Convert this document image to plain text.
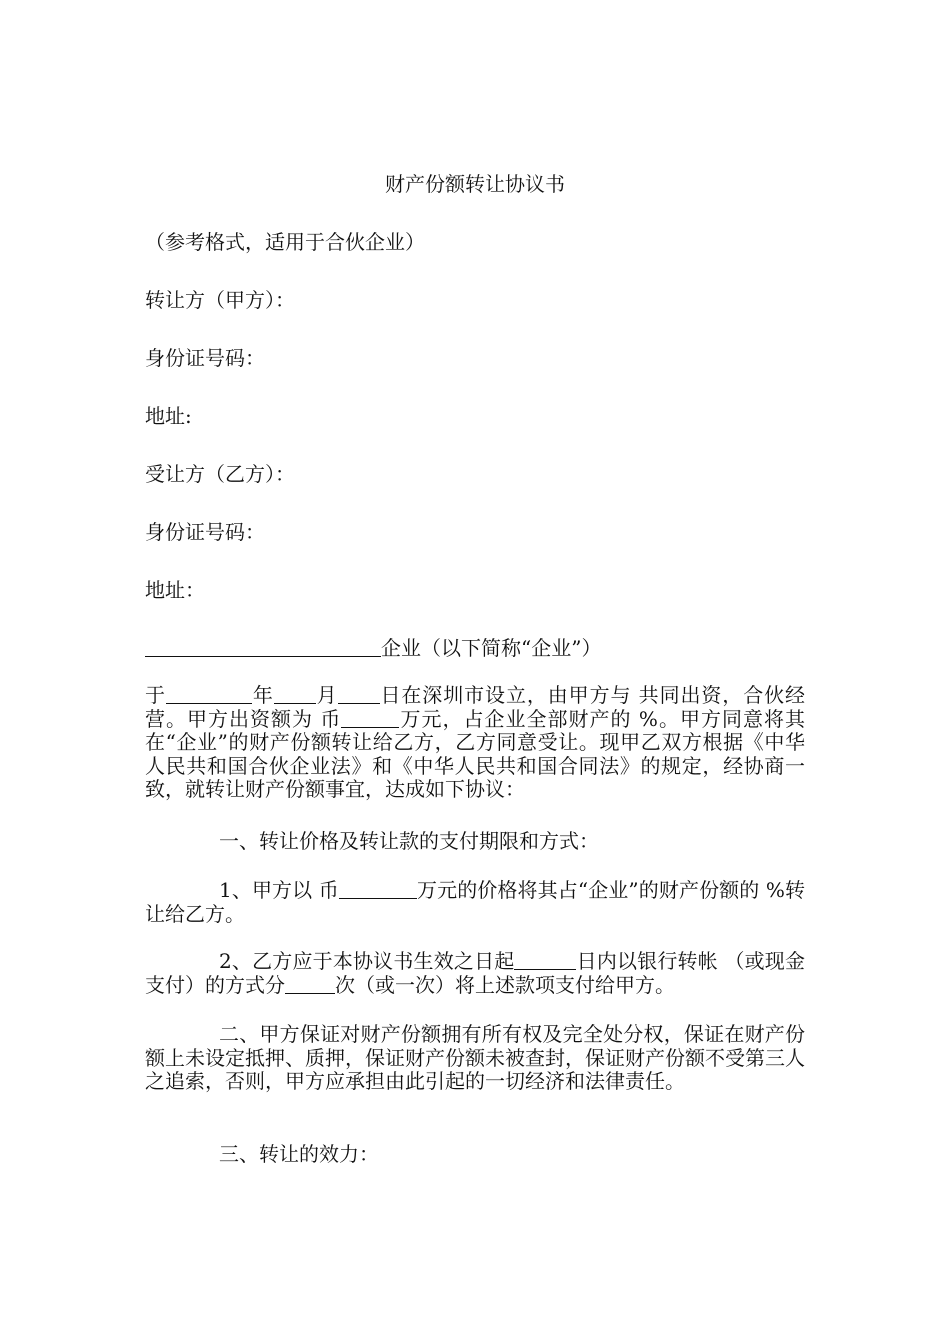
财产份额转让协议书
（参考格式，适用于合伙企业）
转让方（甲方）：
身份证号码：
地址:
受让方（乙方）：
身份证号码：
地址：
企业（以下简称“企业”）
于	年 月 日在深圳市设立，由甲方与 共同出资，合伙经营。甲方出资额为 币	万元，占企业全部财产的 %。甲方同意将其在“企业”的财产份额转让给乙方，乙方同意受让。现甲乙双方根据《中华人民共和国合伙企业法》和《中华人民共和国合同法》的规定，经协商一致，就转让财产份额事宜，达成如下协议：
一、转让价格及转让款的支付期限和方式：
1、甲方以 币	万元的价格将其占“企业”的财产份额的 %转让给乙方。
2、乙方应于本协议书生效之日起	日内以银行转帐 （或现金支付）的方式分	次（或一次）将上述款项支付给甲方。
二、甲方保证对财产份额拥有所有权及完全处分权，保证在财产份额上未设定抵押、质押，保证财产份额未被查封，保证财产份额不受第三人之追索，否则，甲方应承担由此引起的一切经济和法律责任。
三、转让的效力：
